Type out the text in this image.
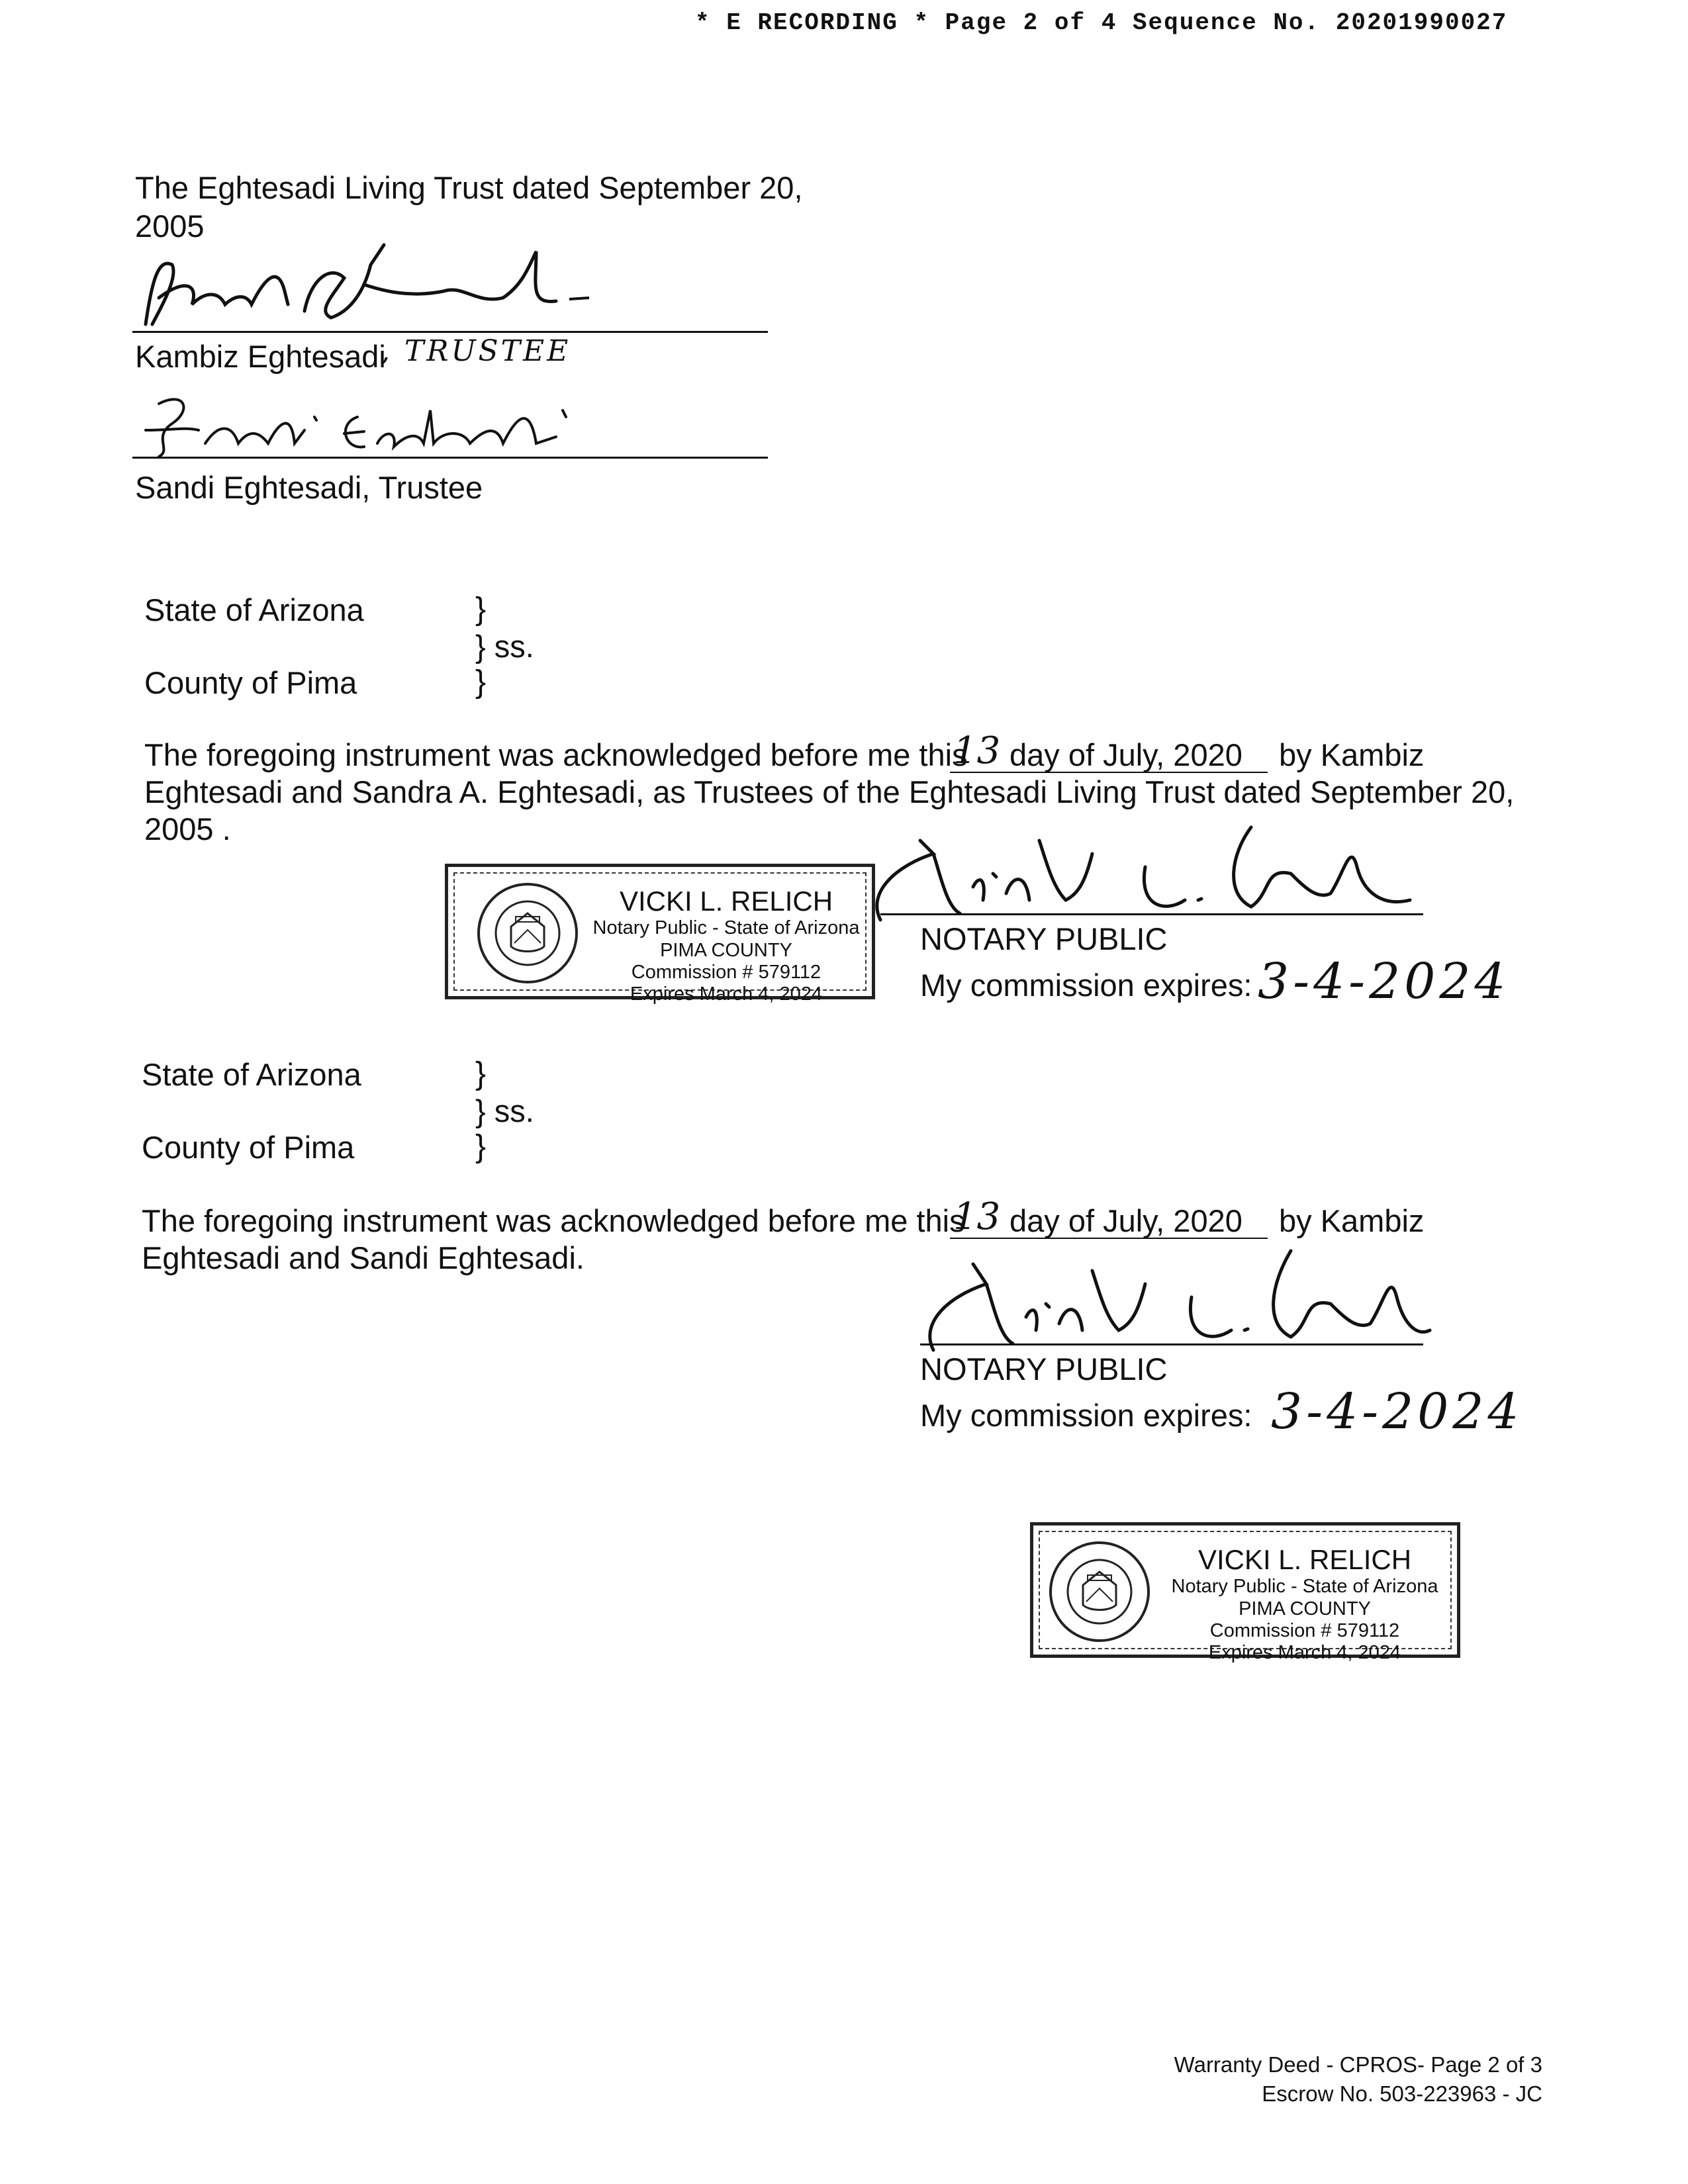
* E RECORDING * Page 2 of 4 Sequence No. 20201990027
The Eghtesadi Living Trust dated September 20,
2005
Kambiz Eghtesadi
, TRUSTEE
Sandi Eghtesadi, Trustee
State of Arizona	}
} ss.
}
County of Pima
The foregoing instrument was acknowledged before me this
13 day of July, 2020 by Kambiz
Eghtesadi and Sandra A. Eghtesadi, as Trustees of the Eghtesadi Living Trust dated September 20,
2005 .
VICKI L. RELICH
Notary Public - State of Arizona
PIMA COUNTY
Commission # 579112
Expires March 4, 2024
NOTARY PUBLIC
My commission expires: 3-4-2024
State of Arizona	}
} ss.
}
County of Pima
The foregoing instrument was acknowledged before me this
13 day of July, 2020 by Kambiz
Eghtesadi and Sandi Eghtesadi.
NOTARY PUBLIC
My commission expires: 3-4-2024
VICKI L. RELICH
Notary Public - State of Arizona
PIMA COUNTY
Commission # 579112
Expires March 4, 2024
Warranty Deed - CPROS- Page 2 of 3
Escrow No. 503-223963 - JC
